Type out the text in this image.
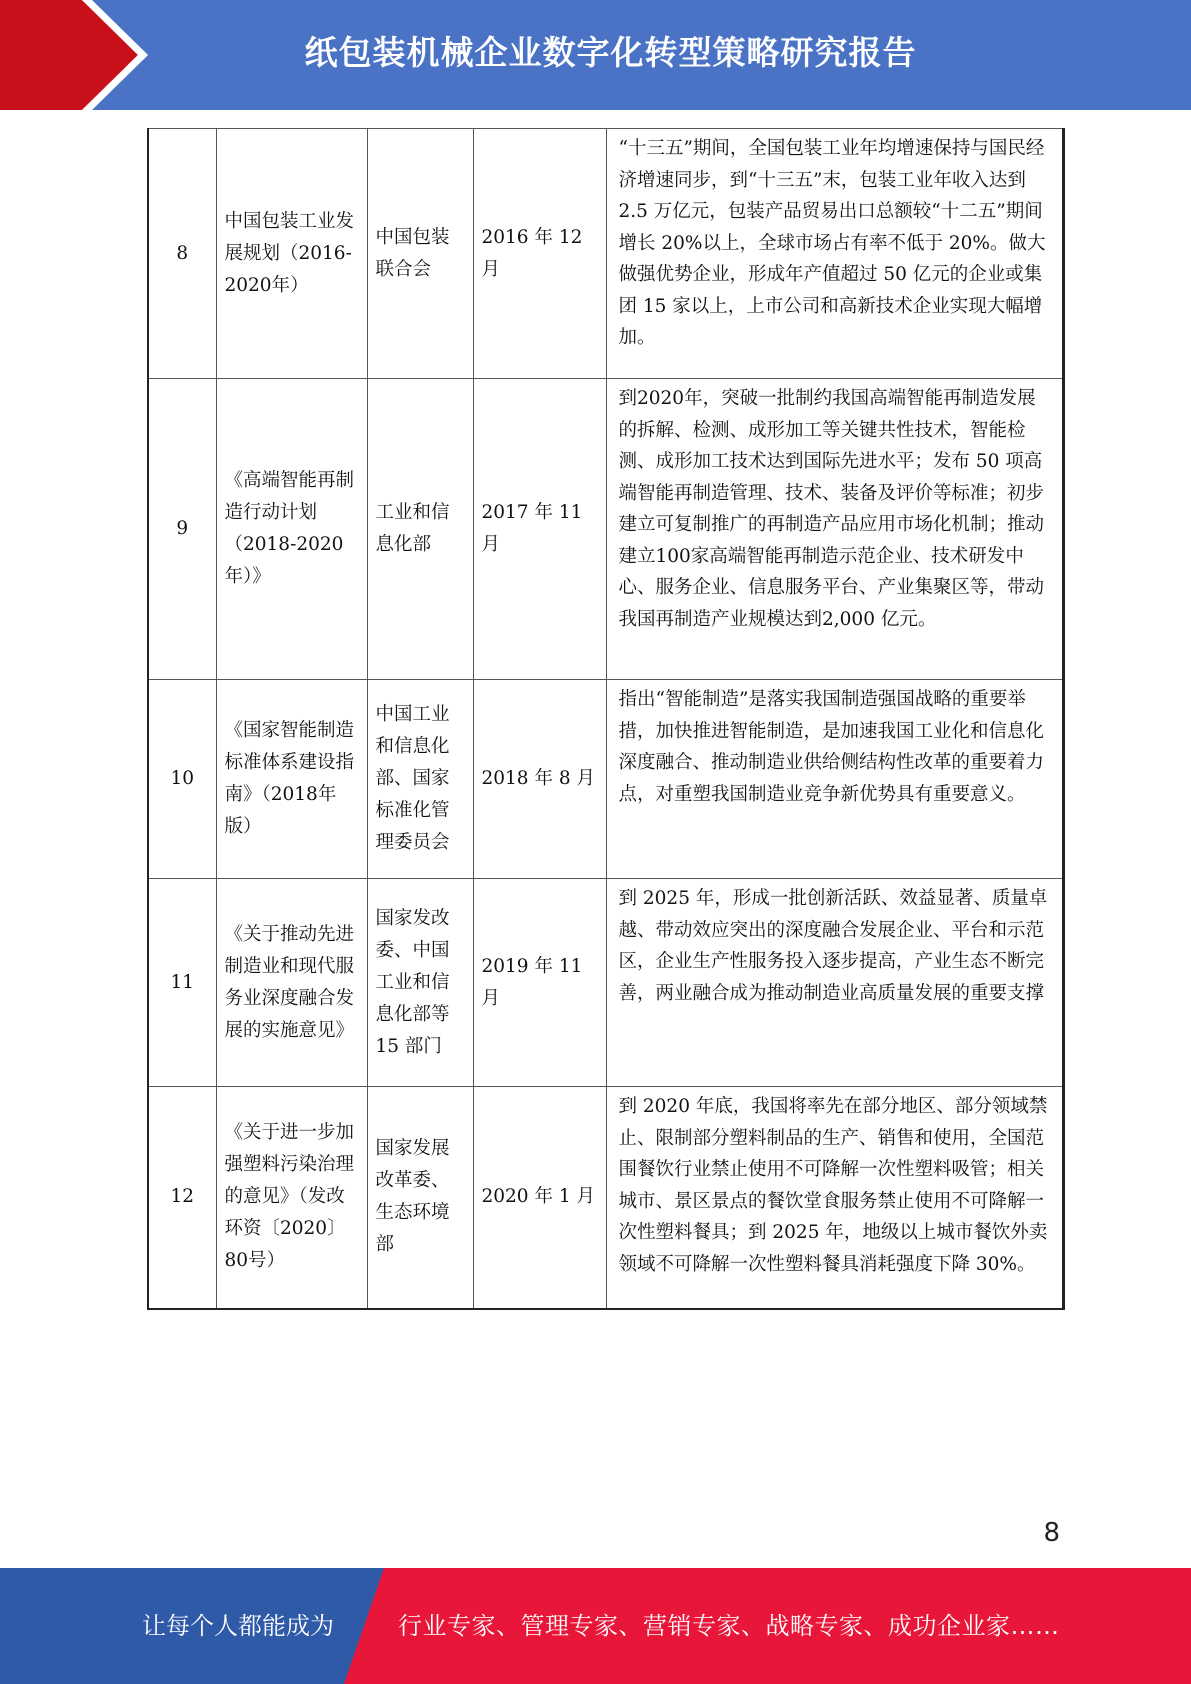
纸包装机械企业数字化转型策略研究报告
8	中国包装工业发展规划（2016-2020年）	中国包装联合会	2016 年 12 月	“十三五”期间，全国包装工业年均增速保持与国民经济增速同步，到“十三五”末，包装工业年收入达到 2.5 万亿元，包装产品贸易出口总额较“十二五”期间增长 20%以上，全球市场占有率不低于 20%。做大做强优势企业，形成年产值超过 50 亿元的企业或集团 15 家以上，上市公司和高新技术企业实现大幅增加。
9	《高端智能再制造行动计划（2018-2020年）》	工业和信息化部	2017 年 11 月	到2020年，突破一批制约我国高端智能再制造发展的拆解、检测、成形加工等关键共性技术，智能检测、成形加工技术达到国际先进水平；发布 50 项高端智能再制造管理、技术、装备及评价等标准；初步建立可复制推广的再制造产品应用市场化机制；推动建立100家高端智能再制造示范企业、技术研发中心、服务企业、信息服务平台、产业集聚区等，带动我国再制造产业规模达到2,000 亿元。
10	《国家智能制造标准体系建设指南》（2018年版）	中国工业和信息化部、国家标准化管理委员会	2018 年 8 月	指出“智能制造”是落实我国制造强国战略的重要举措，加快推进智能制造，是加速我国工业化和信息化深度融合、推动制造业供给侧结构性改革的重要着力点，对重塑我国制造业竞争新优势具有重要意义。
11	《关于推动先进制造业和现代服务业深度融合发展的实施意见》	国家发改委、中国工业和信息化部等15 部门	2019 年 11 月	到 2025 年，形成一批创新活跃、效益显著、质量卓越、带动效应突出的深度融合发展企业、平台和示范区，企业生产性服务投入逐步提高，产业生态不断完善，两业融合成为推动制造业高质量发展的重要支撑
12	《关于进一步加强塑料污染治理的意见》（发改环资〔2020〕80号）	国家发展改革委、生态环境部	2020 年 1 月	到 2020 年底，我国将率先在部分地区、部分领域禁止、限制部分塑料制品的生产、销售和使用，全国范围餐饮行业禁止使用不可降解一次性塑料吸管；相关城市、景区景点的餐饮堂食服务禁止使用不可降解一次性塑料餐具；到 2025 年，地级以上城市餐饮外卖领域不可降解一次性塑料餐具消耗强度下降 30%。
8
让每个人都能成为	行业专家、管理专家、营销专家、战略专家、成功企业家……
